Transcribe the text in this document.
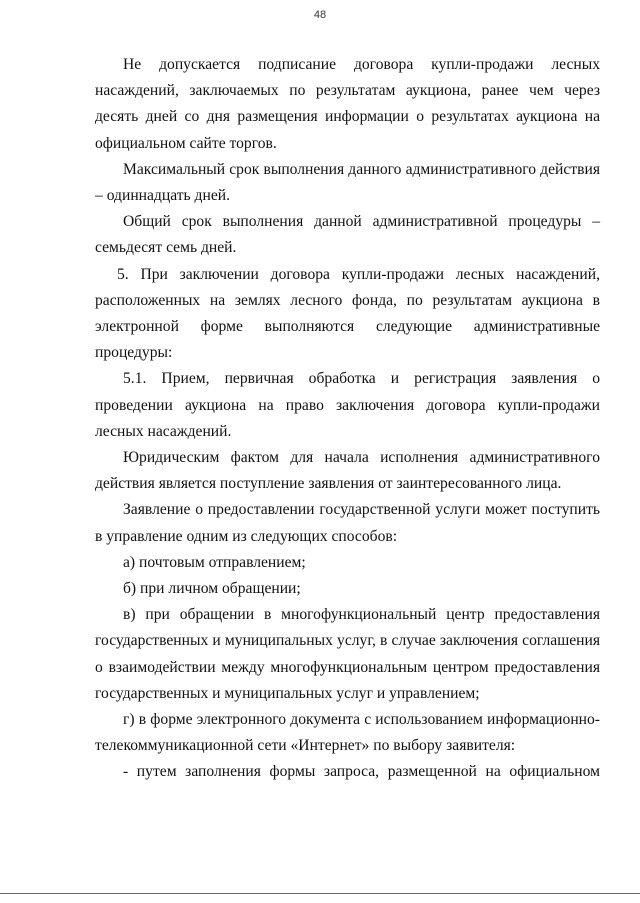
48

Не допускается подписание договора купли-продажи лесных насаждений, заключаемых по результатам аукциона, ранее чем через десять дней со дня размещения информации о результатах аукциона на официальном сайте торгов.

Максимальный срок выполнения данного административного действия – одиннадцать дней.

Общий срок выполнения данной административной процедуры – семьдесят семь дней.

5. При заключении договора купли-продажи лесных насаждений, расположенных на землях лесного фонда, по результатам аукциона в электронной форме выполняются следующие административные процедуры:

5.1. Прием, первичная обработка и регистрация заявления о проведении аукциона на право заключения договора купли-продажи лесных насаждений.

Юридическим фактом для начала исполнения административного действия является поступление заявления от заинтересованного лица.

Заявление о предоставлении государственной услуги может поступить в управление одним из следующих способов:

а) почтовым отправлением;

б) при личном обращении;

в) при обращении в многофункциональный центр предоставления государственных и муниципальных услуг, в случае заключения соглашения о взаимодействии между многофункциональным центром предоставления государственных и муниципальных услуг и управлением;

г) в форме электронного документа с использованием информационно-телекоммуникационной сети «Интернет» по выбору заявителя:

- путем заполнения формы запроса, размещенной на официальном
